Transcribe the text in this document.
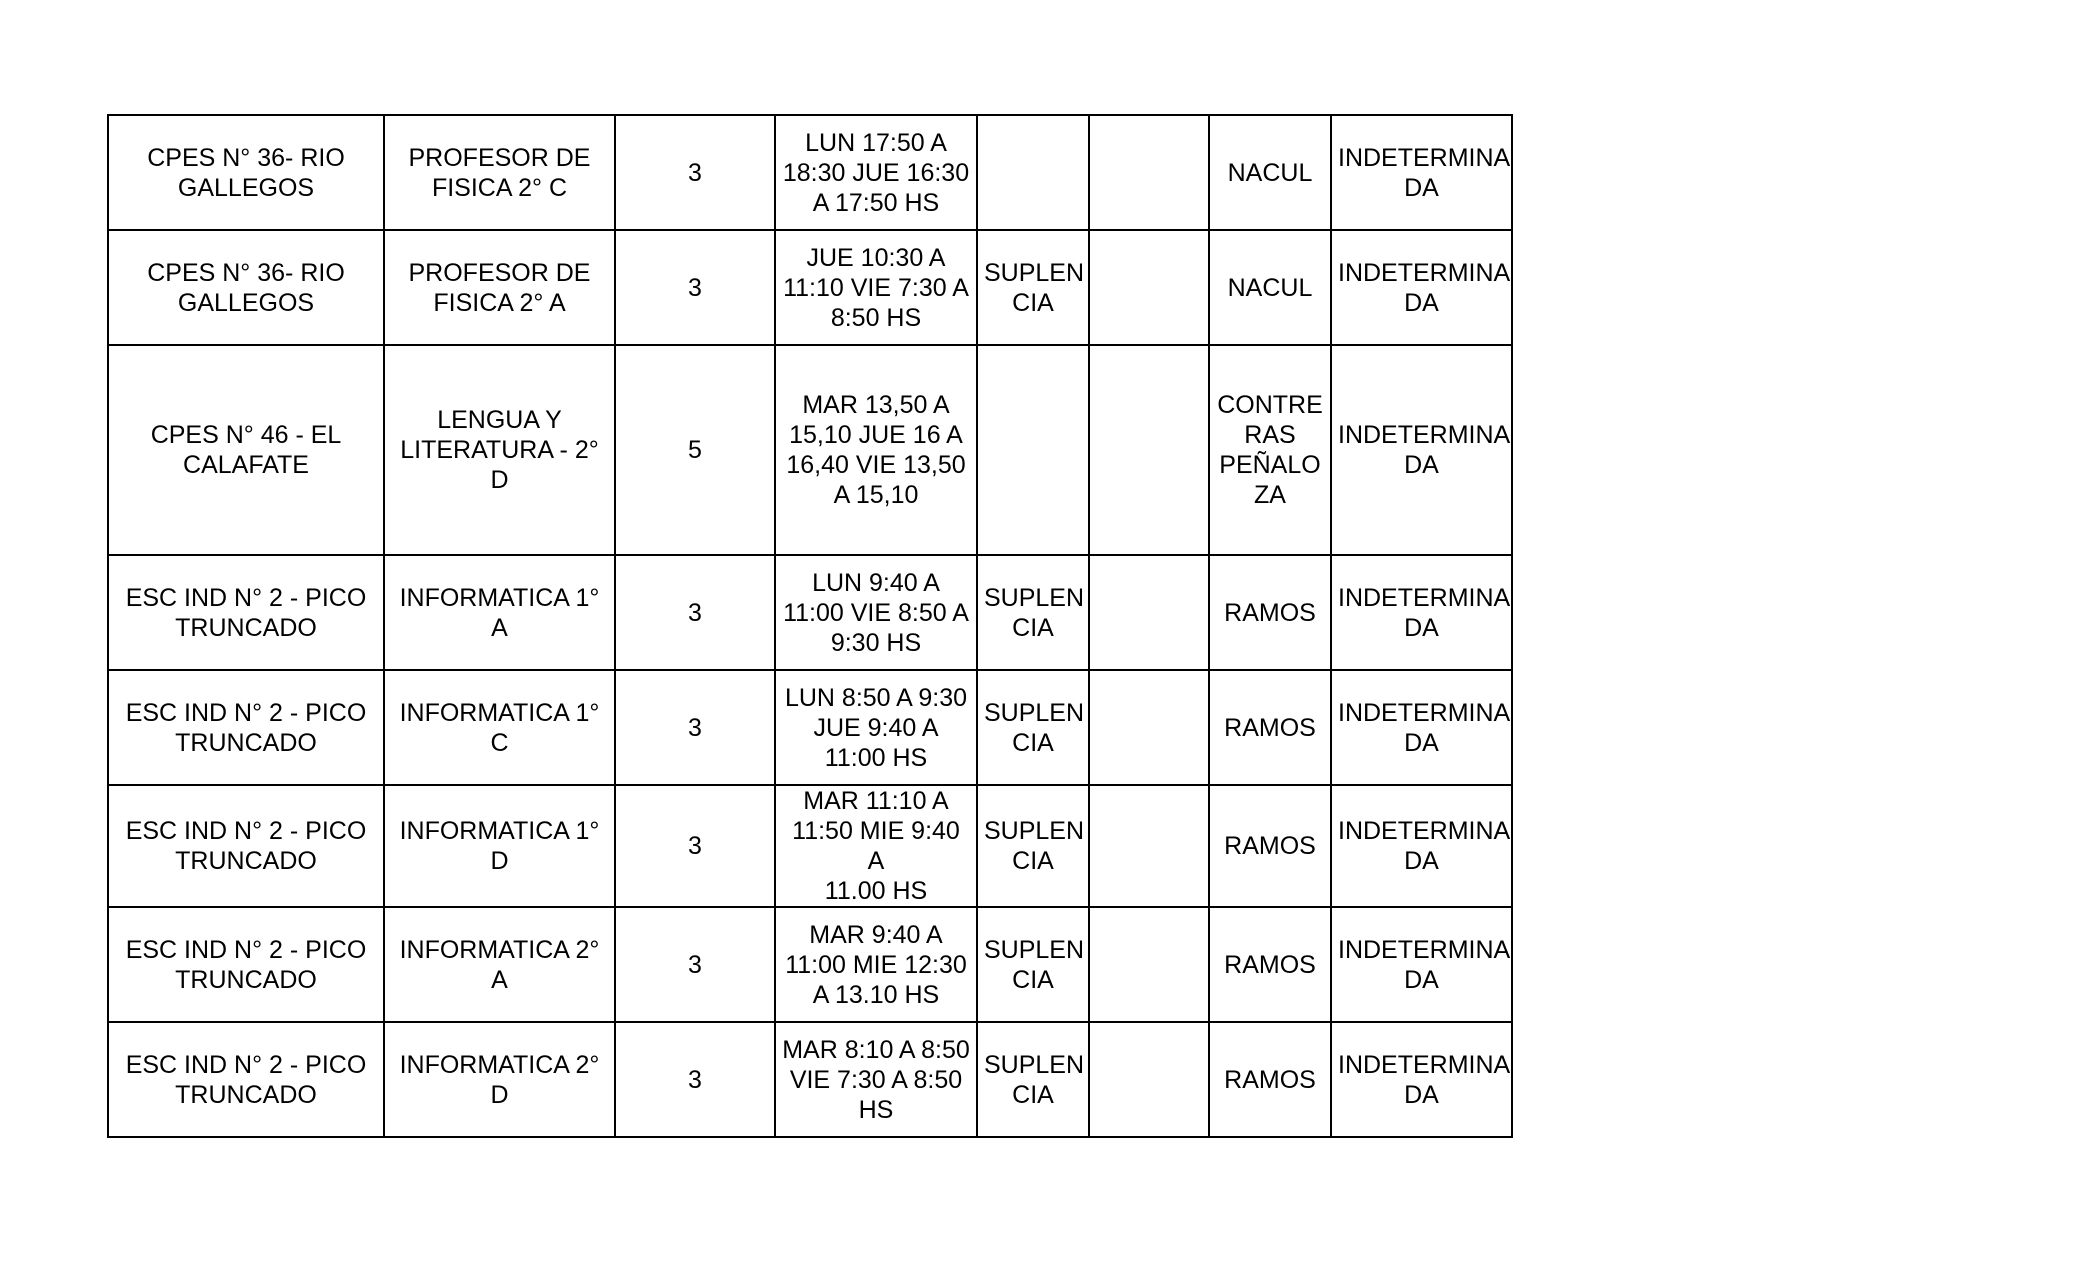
CPES N° 36- RIO
GALLEGOS	PROFESOR DE
FISICA 2° C	3	LUN 17:50 A
18:30 JUE 16:30
A 17:50 HS			NACUL	INDETERMINA
DA
CPES N° 36- RIO
GALLEGOS	PROFESOR DE
FISICA 2° A	3	JUE 10:30 A
11:10 VIE 7:30 A
8:50 HS	SUPLEN
CIA		NACUL	INDETERMINA
DA
CPES N° 46 - EL
CALAFATE	LENGUA Y
LITERATURA - 2°
D	5	MAR 13,50 A
15,10 JUE 16 A
16,40 VIE 13,50
A 15,10			CONTRE
RAS
PEÑALO
ZA	INDETERMINA
DA
ESC IND N° 2 - PICO
TRUNCADO	INFORMATICA 1°
A	3	LUN 9:40 A
11:00 VIE 8:50 A
9:30 HS	SUPLEN
CIA		RAMOS	INDETERMINA
DA
ESC IND N° 2 - PICO
TRUNCADO	INFORMATICA 1°
C	3	LUN 8:50 A 9:30
JUE 9:40 A
11:00 HS	SUPLEN
CIA		RAMOS	INDETERMINA
DA
ESC IND N° 2 - PICO
TRUNCADO	INFORMATICA 1°
D	3	MAR 11:10 A
11:50 MIE 9:40 A
11.00 HS	SUPLEN
CIA		RAMOS	INDETERMINA
DA
ESC IND N° 2 - PICO
TRUNCADO	INFORMATICA 2°
A	3	MAR 9:40 A
11:00 MIE 12:30
A 13.10 HS	SUPLEN
CIA		RAMOS	INDETERMINA
DA
ESC IND N° 2 - PICO
TRUNCADO	INFORMATICA 2°
D	3	MAR 8:10 A 8:50
VIE 7:30 A 8:50
HS	SUPLEN
CIA		RAMOS	INDETERMINA
DA
